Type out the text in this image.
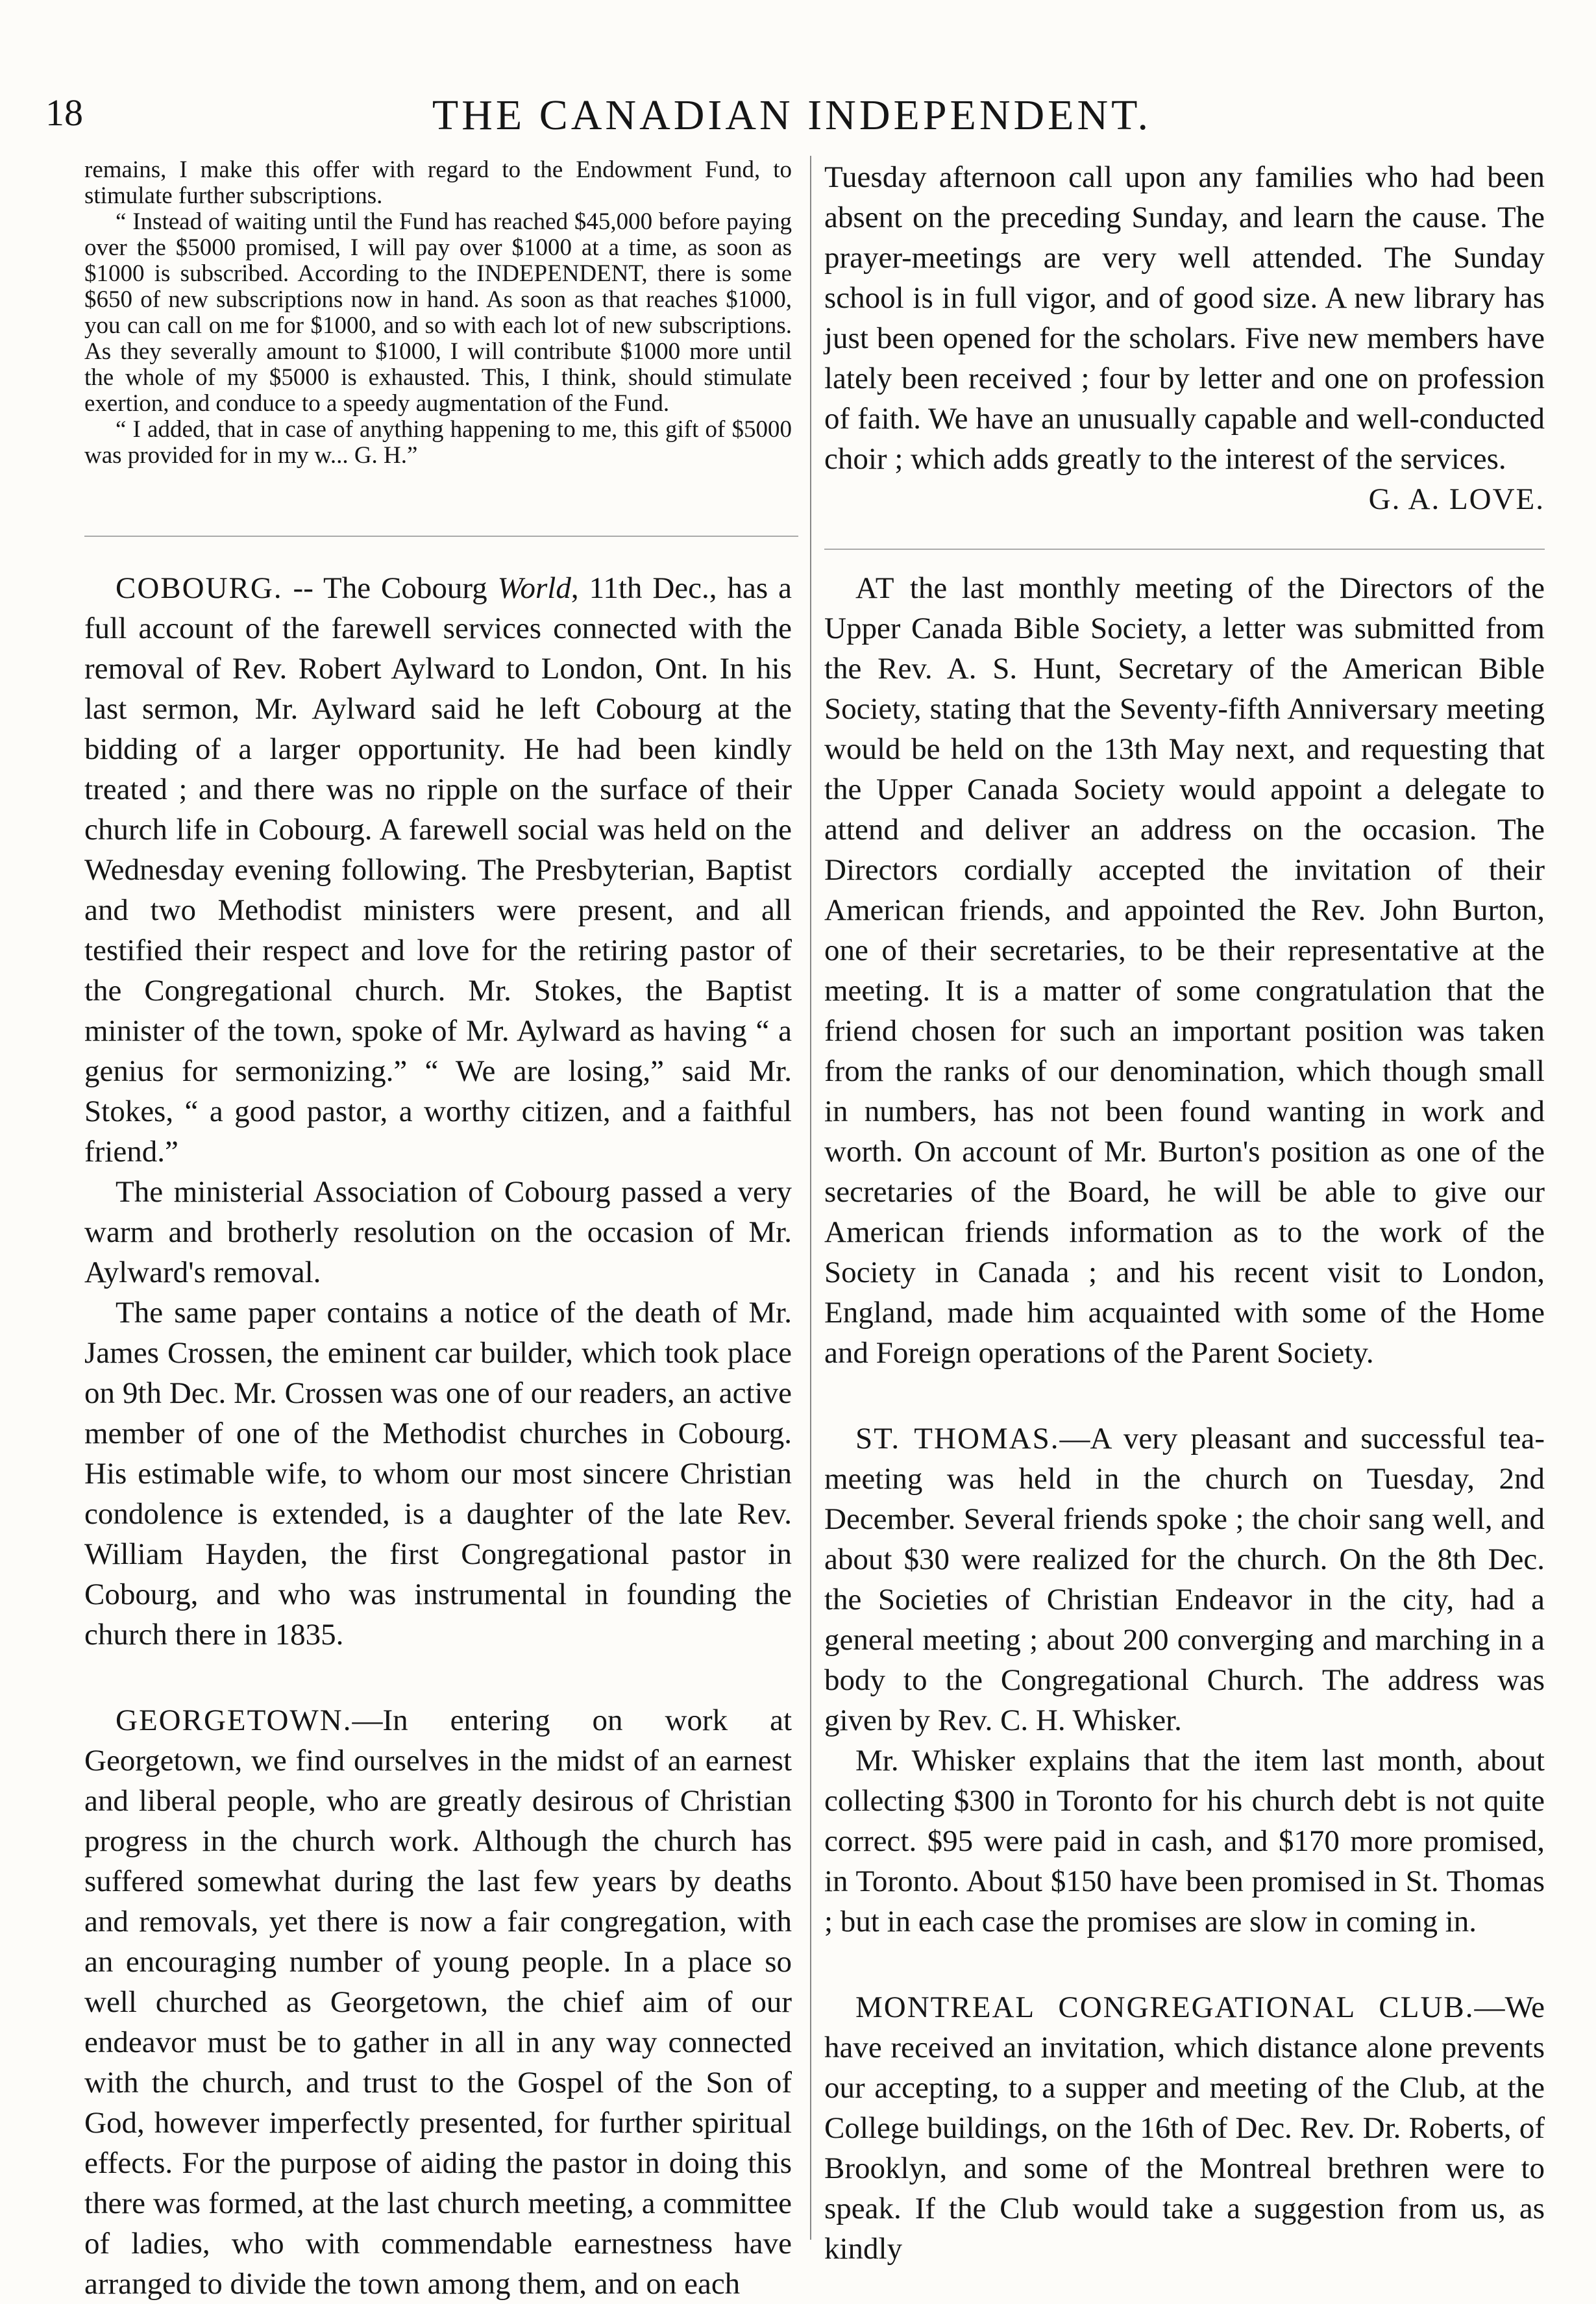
18	THE CANADIAN INDEPENDENT.

remains, I make this offer with regard to the Endowment Fund, to stimulate further subscriptions.

“ Instead of waiting until the Fund has reached $45,000 before paying over the $5000 promised, I will pay over $1000 at a time, as soon as $1000 is subscribed. According to the INDEPENDENT, there is some $650 of new subscriptions now in hand. As soon as that reaches $1000, you can call on me for $1000, and so with each lot of new subscriptions. As they severally amount to $1000, I will contribute $1000 more until the whole of my $5000 is exhausted. This, I think, should stimulate exertion, and conduce to a speedy augmentation of the Fund.

“ I added, that in case of anything happening to me, this gift of $5000 was provided for in my w... G. H.”

Tuesday afternoon call upon any families who had been absent on the preceding Sunday, and learn the cause. The prayer-meetings are very well attended. The Sunday school is in full vigor, and of good size. A new library has just been opened for the scholars. Five new members have lately been received ; four by letter and one on profession of faith. We have an unusually capable and well-conducted choir ; which adds greatly to the interest of the services.

G. A. LOVE.

COBOURG. -- The Cobourg World, 11th Dec., has a full account of the farewell services connected with the removal of Rev. Robert Aylward to London, Ont. In his last sermon, Mr. Aylward said he left Cobourg at the bidding of a larger opportunity. He had been kindly treated ; and there was no ripple on the surface of their church life in Cobourg. A farewell social was held on the Wednesday evening following. The Presbyterian, Baptist and two Methodist ministers were present, and all testified their respect and love for the retiring pastor of the Congregational church. Mr. Stokes, the Baptist minister of the town, spoke of Mr. Aylward as having “ a genius for sermonizing.” “ We are losing,” said Mr. Stokes, “ a good pastor, a worthy citizen, and a faithful friend.”

The ministerial Association of Cobourg passed a very warm and brotherly resolution on the occasion of Mr. Aylward's removal.

The same paper contains a notice of the death of Mr. James Crossen, the eminent car builder, which took place on 9th Dec. Mr. Crossen was one of our readers, an active member of one of the Methodist churches in Cobourg. His estimable wife, to whom our most sincere Christian condolence is extended, is a daughter of the late Rev. William Hayden, the first Congregational pastor in Cobourg, and who was instrumental in founding the church there in 1835.

GEORGETOWN.—In entering on work at Georgetown, we find ourselves in the midst of an earnest and liberal people, who are greatly desirous of Christian progress in the church work. Although the church has suffered somewhat during the last few years by deaths and removals, yet there is now a fair congregation, with an encouraging number of young people. In a place so well churched as Georgetown, the chief aim of our endeavor must be to gather in all in any way connected with the church, and trust to the Gospel of the Son of God, however imperfectly presented, for further spiritual effects. For the purpose of aiding the pastor in doing this there was formed, at the last church meeting, a committee of ladies, who with commendable earnestness have arranged to divide the town among them, and on each

AT the last monthly meeting of the Directors of the Upper Canada Bible Society, a letter was submitted from the Rev. A. S. Hunt, Secretary of the American Bible Society, stating that the Seventy-fifth Anniversary meeting would be held on the 13th May next, and requesting that the Upper Canada Society would appoint a delegate to attend and deliver an address on the occasion. The Directors cordially accepted the invitation of their American friends, and appointed the Rev. John Burton, one of their secretaries, to be their representative at the meeting. It is a matter of some congratulation that the friend chosen for such an important position was taken from the ranks of our denomination, which though small in numbers, has not been found wanting in work and worth. On account of Mr. Burton's position as one of the secretaries of the Board, he will be able to give our American friends information as to the work of the Society in Canada ; and his recent visit to London, England, made him acquainted with some of the Home and Foreign operations of the Parent Society.

ST. THOMAS.—A very pleasant and successful tea-meeting was held in the church on Tuesday, 2nd December. Several friends spoke ; the choir sang well, and about $30 were realized for the church. On the 8th Dec. the Societies of Christian Endeavor in the city, had a general meeting ; about 200 converging and marching in a body to the Congregational Church. The address was given by Rev. C. H. Whisker.

Mr. Whisker explains that the item last month, about collecting $300 in Toronto for his church debt is not quite correct. $95 were paid in cash, and $170 more promised, in Toronto. About $150 have been promised in St. Thomas ; but in each case the promises are slow in coming in.

MONTREAL CONGREGATIONAL CLUB.—We have received an invitation, which distance alone prevents our accepting, to a supper and meeting of the Club, at the College buildings, on the 16th of Dec. Rev. Dr. Roberts, of Brooklyn, and some of the Montreal brethren were to speak. If the Club would take a suggestion from us, as kindly
